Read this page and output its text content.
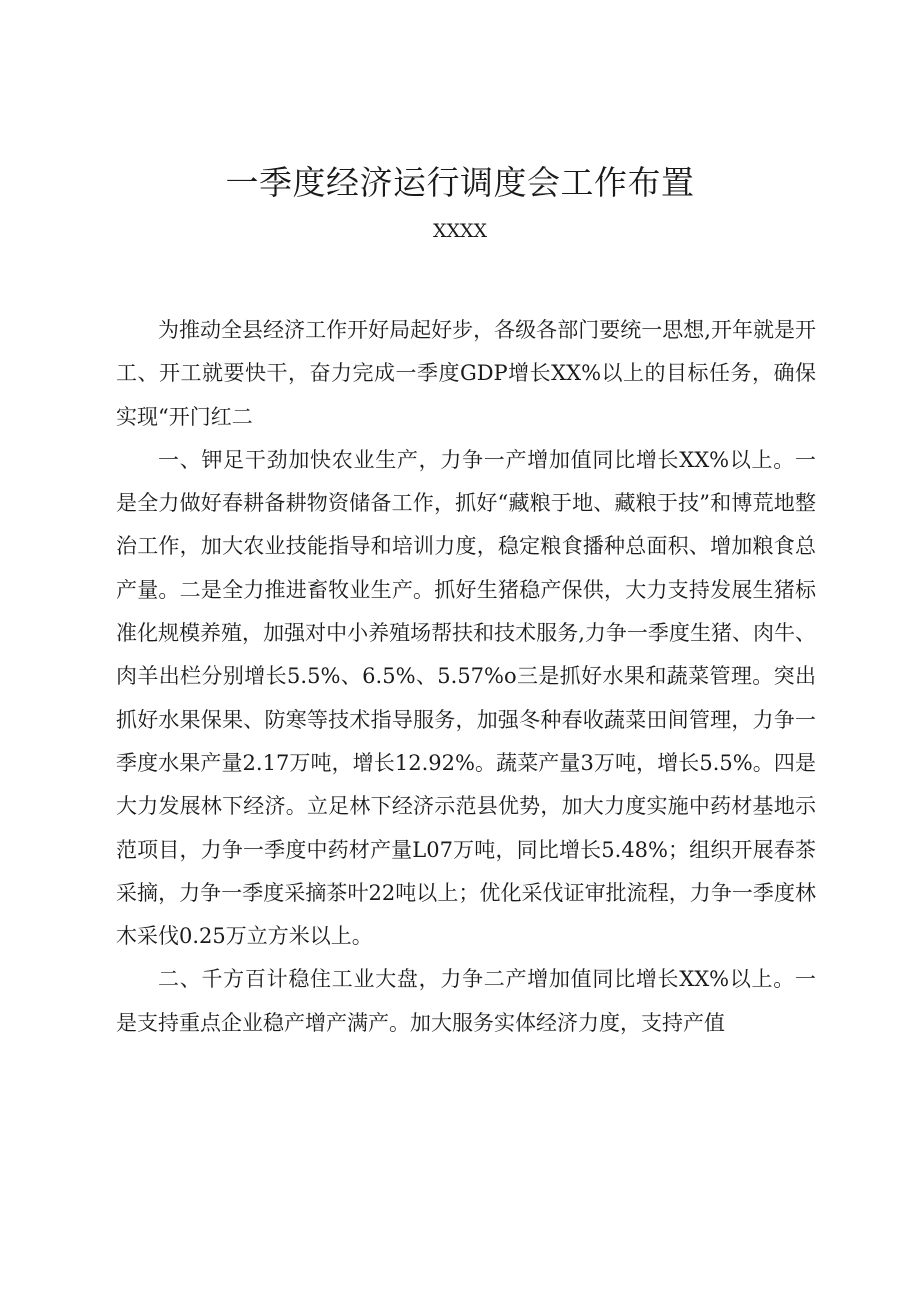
一季度经济运行调度会工作布置
XXXX

为推动全县经济工作开好局起好步，各级各部门要统一思想,开年就是开工、开工就要快干，奋力完成一季度GDP增长XX%以上的目标任务，确保实现“开门红二

一、钾足干劲加快农业生产，力争一产增加值同比增长XX%以上。一是全力做好春耕备耕物资储备工作，抓好“藏粮于地、藏粮于技”和博荒地整治工作，加大农业技能指导和培训力度，稳定粮食播种总面积、增加粮食总产量。二是全力推进畜牧业生产。抓好生猪稳产保供，大力支持发展生猪标准化规模养殖，加强对中小养殖场帮扶和技术服务,力争一季度生猪、肉牛、肉羊出栏分别增长5.5%、6.5%、5.57%o三是抓好水果和蔬菜管理。突出抓好水果保果、防寒等技术指导服务，加强冬种春收蔬菜田间管理，力争一季度水果产量2.17万吨，增长12.92%。蔬菜产量3万吨，增长5.5%。四是大力发展林下经济。立足林下经济示范县优势，加大力度实施中药材基地示范项目，力争一季度中药材产量L07万吨，同比增长5.48%；组织开展春茶采摘，力争一季度采摘茶叶22吨以上；优化采伐证审批流程，力争一季度林木采伐0.25万立方米以上。

二、千方百计稳住工业大盘，力争二产增加值同比增长XX%以上。一是支持重点企业稳产增产满产。加大服务实体经济力度，支持产值
